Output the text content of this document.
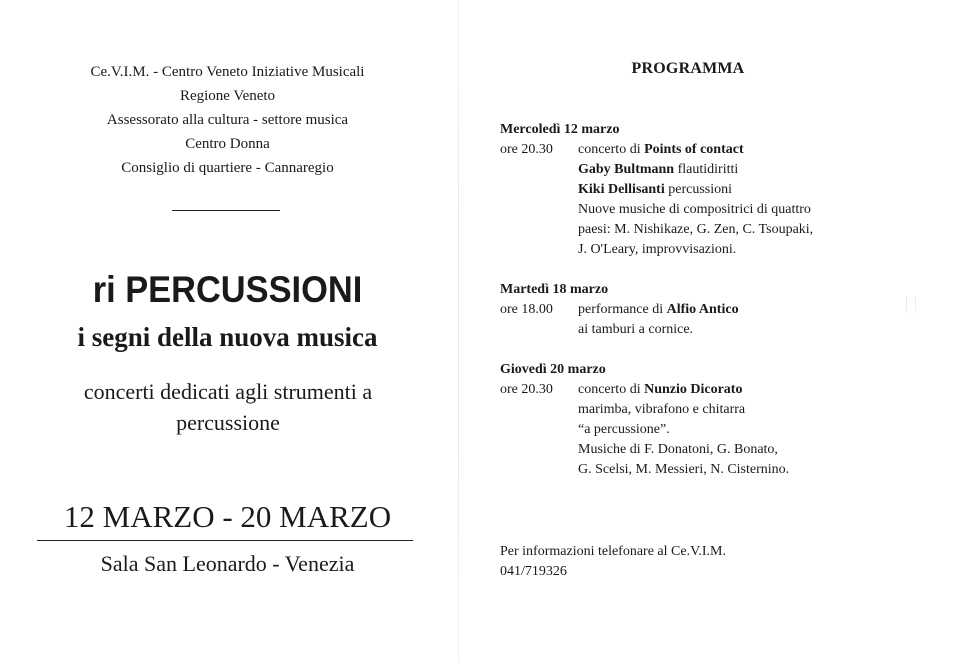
Ce.V.I.M. - Centro Veneto Iniziative Musicali
Regione Veneto
Assessorato alla cultura - settore musica
Centro Donna
Consiglio di quartiere - Cannaregio
ri PERCUSSIONI
i segni della nuova musica
concerti dedicati agli strumenti a
percussione
12 MARZO - 20 MARZO
Sala San Leonardo - Venezia
PROGRAMMA
Mercoledì 12 marzo
ore 20.30	concerto di Points of contact
Gaby Bultmann flautidiritti
Kiki Dellisanti percussioni
Nuove musiche di compositrici di quattro
paesi: M. Nishikaze, G. Zen, C. Tsoupaki,
J. O'Leary, improvvisazioni.
Martedì 18 marzo
ore 18.00	performance di Alfio Antico
ai tamburi a cornice.
Giovedì 20 marzo
ore 20.30	concerto di Nunzio Dicorato
marimba, vibrafono e chitarra
“a percussione”.
Musiche di F. Donatoni, G. Bonato,
G. Scelsi, M. Messieri, N. Cisternino.
Per informazioni telefonare al Ce.V.I.M.
041/719326
